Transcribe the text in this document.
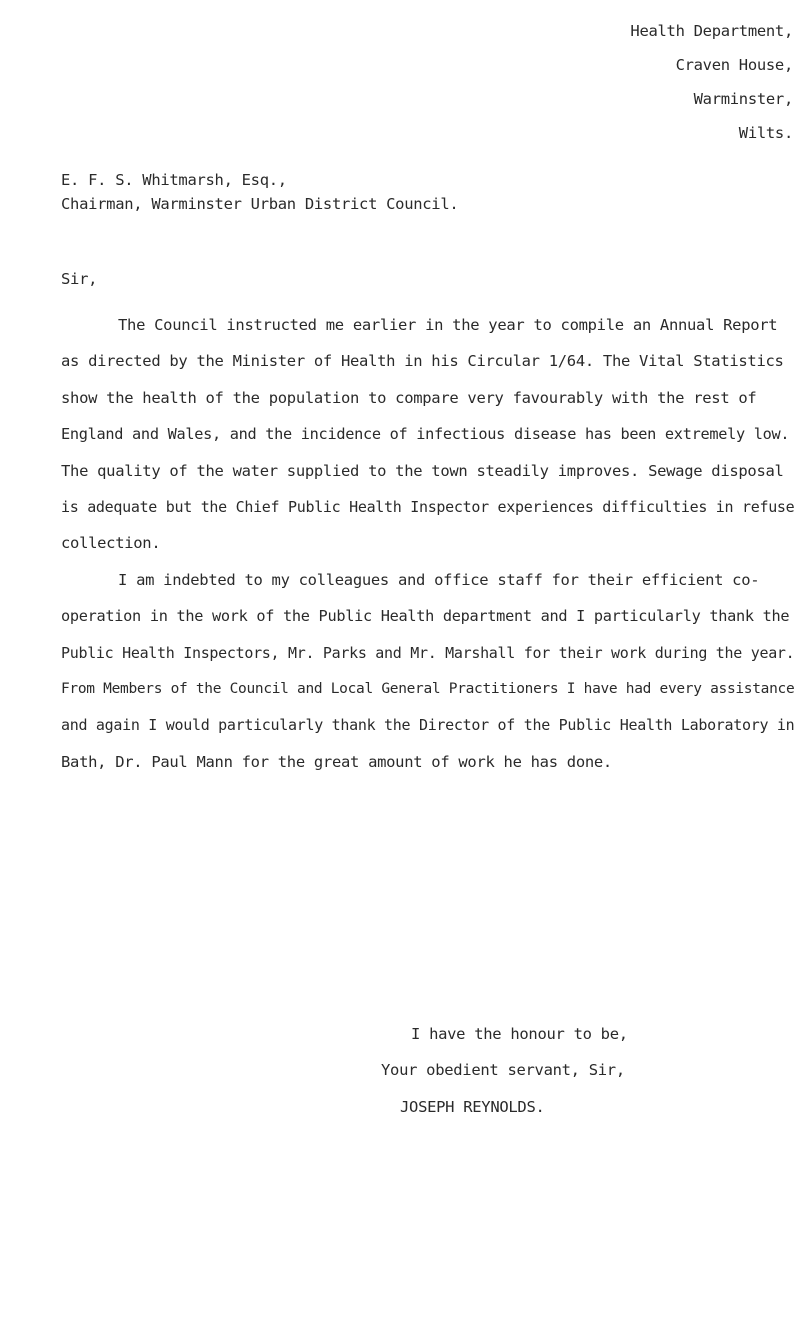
Health Department,
Craven House,
Warminster,
Wilts.
E. F. S. Whitmarsh, Esq.,
Chairman, Warminster Urban District Council.
Sir,
The Council instructed me earlier in the year to compile an Annual Report
as directed by the Minister of Health in his Circular 1/64. The Vital Statistics
show the health of the population to compare very favourably with the rest of
England and Wales, and the incidence of infectious disease has been extremely low.
The quality of the water supplied to the town steadily improves. Sewage disposal
is adequate but the Chief Public Health Inspector experiences difficulties in refuse
collection.
I am indebted to my colleagues and office staff for their efficient co-
operation in the work of the Public Health department and I particularly thank the
Public Health Inspectors, Mr. Parks and Mr. Marshall for their work during the year.
From Members of the Council and Local General Practitioners I have had every assistance
and again I would particularly thank the Director of the Public Health Laboratory in
Bath, Dr. Paul Mann for the great amount of work he has done.
I have the honour to be,
Your obedient servant, Sir,
JOSEPH REYNOLDS.
